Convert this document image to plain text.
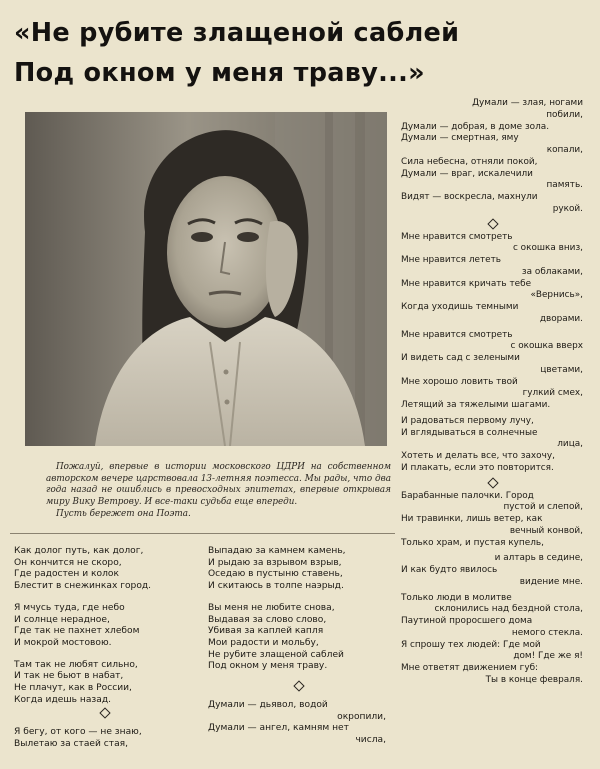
«Не рубите злащеной саблей
Под окном у меня траву...»

Пожалуй, впервые в истории московского ЦДРИ на собственном авторском вечере царствовала 13-летняя поэтесса. Мы рады, что два года назад не ошиблись в превосходных эпитетах, впервые открывая миру Вику Ветрову. И все-таки судьба еще впереди.

Пусть бережет она Поэта.

Думали — злая, ногами
побили,
Думали — добрая, в доме зола.
Думали — смертная, яму
копали,
Сила небесна, отняли покой,
Думали — враг, искалечили
память.
Видят — воскресла, махнули
рукой.
Мне нравится смотреть
с окошка вниз,
Мне нравится лететь
за облаками,
Мне нравится кричать тебе
«Вернись»,
Когда уходишь темными
дворами.
Мне нравится смотреть
с окошка вверх
И видеть сад с зелеными
цветами,
Мне хорошо ловить твой
гулкий смех,
Летящий за тяжелыми шагами.
И радоваться первому лучу,
И вглядываться в солнечные
лица,
Хотеть и делать все, что захочу,
И плакать, если это повторится.
Барабанные палочки. Город
пустой и слепой,
Ни травинки, лишь ветер, как
вечный конвой,
Только храм, и пустая купель,
и алтарь в седине,
И как будто явилось
видение мне.
Только люди в молитве
склонились над бездной стола,
Паутиной проросшего дома
немого стекла.
Я спрошу тех людей: Где мой
дом! Где же я!
Мне ответят движением губ:
Ты в конце февраля.
Как долог путь, как долог,
Он кончится не скоро,
Где радостен и колок
Блестит в снежинках город.
Я мчусь туда, где небо
И солнце нерадное,
Где так не пахнет хлебом
И мокрой мостовою.
Там так не любят сильно,
И так не бьют в набат,
Не плачут, как в России,
Когда идешь назад.
Я бегу, от кого — не знаю,
Вылетаю за стаей стая,
Выпадаю за камнем камень,
И рыдаю за взрывом взрыв,
Оседаю в пустыню ставень,
И скитаюсь в толпе наэрыд.
Вы меня не любите снова,
Выдавая за слово слово,
Убивая за каплей капля
Мои радости и мольбу,
Не рубите злащеной саблей
Под окном у меня траву.
Думали — дьявол, водой
окропили,
Думали — ангел, камням нет
числа,
